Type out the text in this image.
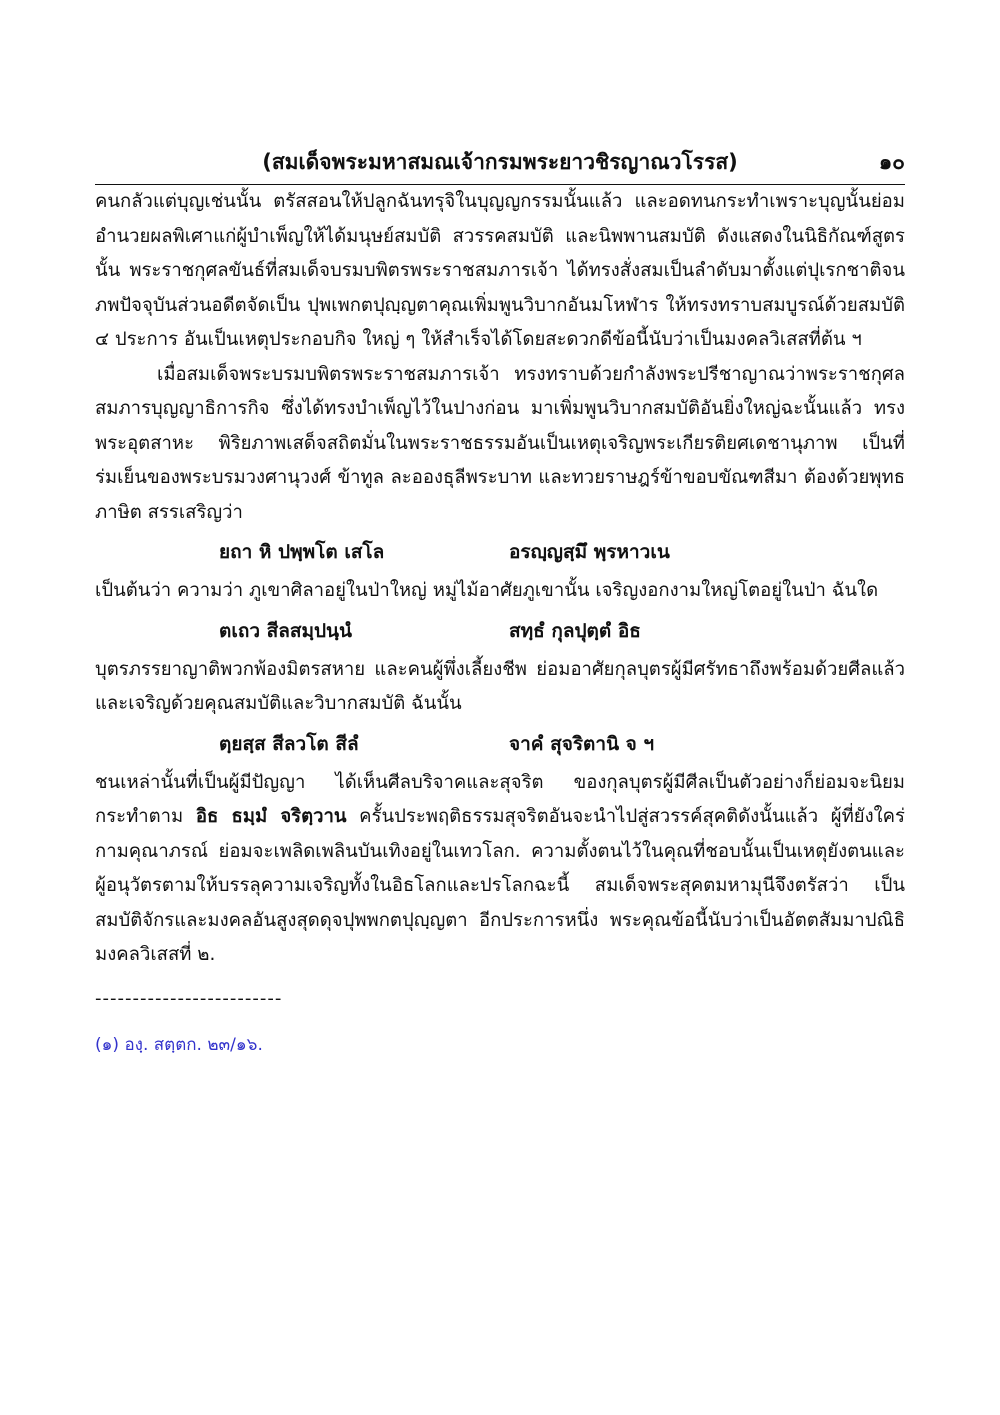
(สมเด็จพระมหาสมณเจ้ากรมพระยาวชิรญาณวโรรส)	๑๐

คนกลัวแต่บุญเช่นนั้น ตรัสสอนให้ปลูกฉันทรุจิในบุญญกรรมนั้นแล้ว และอดทนกระทำเพราะบุญนั้นย่อมอำนวยผลพิเศาแก่ผู้บำเพ็ญให้ได้มนุษย์สมบัติ สวรรคสมบัติ และนิพพานสมบัติ ดังแสดงในนิธิกัณฑ์สูตรนั้น พระราชกุศลขันธ์ที่สมเด็จบรมบพิตรพระราชสมภารเจ้า ได้ทรงสั่งสมเป็นลำดับมาตั้งแต่ปุเรกชาติจนภพปัจจุบันส่วนอดีตจัดเป็น ปุพเพกตปุญฺญตาคุณเพิ่มพูนวิบากอันมโหฬาร ให้ทรงทราบสมบูรณ์ด้วยสมบัติ ๔ ประการ อันเป็นเหตุประกอบกิจ ใหญ่ ๆ ให้สำเร็จได้โดยสะดวกดีข้อนี้นับว่าเป็นมงคลวิเสสที่ต้น ฯ

เมื่อสมเด็จพระบรมบพิตรพระราชสมภารเจ้า ทรงทราบด้วยกำลังพระปรีชาญาณว่าพระราชกุศลสมภารบุญญาธิการกิจ ซึ่งได้ทรงบำเพ็ญไว้ในปางก่อน มาเพิ่มพูนวิบากสมบัติอันยิ่งใหญ่ฉะนั้นแล้ว ทรงพระอุตสาหะ พิริยภาพเสด็จสถิตมั่นในพระราชธรรมอันเป็นเหตุเจริญพระเกียรติยศเดชานุภาพ เป็นที่ร่มเย็นของพระบรมวงศานุวงศ์ ข้าทูล ละอองธุลีพระบาท และทวยราษฎร์ข้าขอบขัณฑสีมา ต้องด้วยพุทธภาษิต สรรเสริญว่า

ยถา หิ ปพฺพโต เสโล	อรญฺญสฺมึ พฺรหาวเน

เป็นต้นว่า ความว่า ภูเขาศิลาอยู่ในป่าใหญ่ หมู่ไม้อาศัยภูเขานั้น เจริญงอกงามใหญ่โตอยู่ในป่า ฉันใด

ตเถว สีลสมฺปนฺนํ	สทฺธํ กุลปุตฺตํ อิธ

บุตรภรรยาญาติพวกพ้องมิตรสหาย และคนผู้พึ่งเลี้ยงชีพ ย่อมอาศัยกุลบุตรผู้มีศรัทธาถึงพร้อมด้วยศีลแล้ว และเจริญด้วยคุณสมบัติและวิบากสมบัติ ฉันนั้น

ตฺยสฺส สีลวโต สีลํ	จาคํ สุจริตานิ จ ฯ

ชนเหล่านั้นที่เป็นผู้มีปัญญา ได้เห็นศีลบริจาคและสุจริต ของกุลบุตรผู้มีศีลเป็นตัวอย่างก็ย่อมจะนิยมกระทำตาม อิธ ธมฺมํ จริตฺวาน ครั้นประพฤติธรรมสุจริตอันจะนำไปสู่สวรรค์สุคติดังนั้นแล้ว ผู้ที่ยังใคร่กามคุณาภรณ์ ย่อมจะเพลิดเพลินบันเทิงอยู่ในเทวโลก. ความตั้งตนไว้ในคุณที่ชอบนั้นเป็นเหตุยังตนและผู้อนุวัตรตามให้บรรลุความเจริญทั้งในอิธโลกและปรโลกฉะนี้ สมเด็จพระสุคตมหามุนีจึงตรัสว่า เป็นสมบัติจักรและมงคลอันสูงสุดดุจปุพพกตปุญฺญตา อีกประการหนึ่ง พระคุณข้อนี้นับว่าเป็นอัตตสัมมาปณิธิ มงคลวิเสสที่ ๒.

-------------------------
(๑) องฺ. สตฺตก. ๒๓/๑๖.
